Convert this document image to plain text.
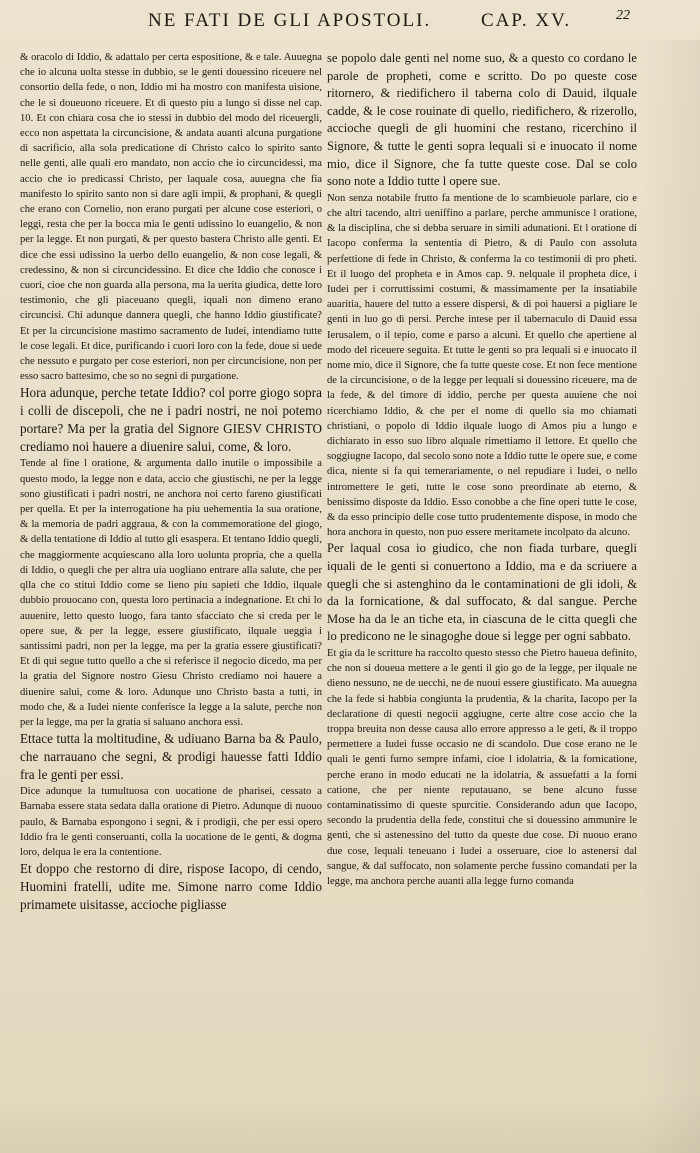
NE FATI DE GLI APOSTOLI.	CAP. XV.	22

& oracolo di Iddio, & adattalo per certa espositione, & e tale. Auuegna che io alcuna uolta stesse in dubbio, se le genti douessino riceuere nel consortio della fede, o non, Iddio mi ha mostro con manifesta uisione, che le si doueuono riceuere. Et di questo piu a lungo si disse nel cap. 10. Et con chiara cosa che io stessi in dubbio del modo del riceuergli, ecco non aspettata la circuncisione, & andata auanti alcuna purgatione di sacrificio, alla sola predicatione di Christo calco lo spirito santo nelle genti, alle quali ero mandato, non accio che io circuncidessi, ma accio che io predicassi Christo, per laquale cosa, auuegna che fia manifesto lo spirito santo non si dare agli impii, & prophani, & quegli che erano con Cornelio, non erano purgati per alcune cose esteriori, o leggi, resta che per la bocca mia le genti udissino lo euangelio, & non per la legge. Et non purgati, & per questo bastera Christo alle genti. Et dice che essi udissino la uerbo dello euangelio, & non cose legali, & credessino, & non si circuncidessino. Et dice che Iddio che conosce i cuori, cioe che non guarda alla persona, ma la uerita giudica, dette loro testimonio, che gli piaceuano quegli, iquali non dimeno erano circuncisi. Chi adunque dannera quegli, che hanno Iddio giustificate? Et per la circuncisione mastimo sacramento de Iudei, intendiamo tutte le cose legali. Et dice, purificando i cuori loro con la fede, doue si uede che nessuto e purgato per cose esteriori, non per circuncisione, non per esso sacro battesimo, che so no segni di purgatione.

Hora adunque, perche tetate Iddio? col porre giogo sopra i colli de discepoli, che ne i padri nostri, ne noi potemo portare? Ma per la gratia del Signore GIESV CHRISTO crediamo noi hauere a diuenire salui, come, & loro.

Tende al fine l oratione, & argumenta dallo inutile o impossibile a questo modo, la legge non e data, accio che giustischi, ne per la legge sono giustificati i padri nostri, ne anchora noi certo fareno giustificati per quella. Et per la interrogatione ha piu uehementia la sua oratione, & la memoria de padri aggraua, & con la commemoratione del giogo, & della tentatione di Iddio al tutto gli esaspera. Et tentano Iddio quegli, che maggiormente acquiescano alla loro uolunta propria, che a quella di Iddio, o quegli che per altra uia uogliano entrare alla salute, che per qlla che co stitui Iddio come se lieno piu sapieti che Iddio, ilquale dubbio prouocano con, questa loro pertinacia a indegnatione. Et chi lo auuenire, letto questo luogo, fara tanto sfacciato che si creda per le opere sue, & per la legge, essere giustificato, ilquale ueggia i santissimi padri, non per la legge, ma per la gratia essere giustificati? Et di qui segue tutto quello a che si referisce il negocio dicedo, ma per la gratia del Signore nostro Giesu Christo crediamo noi hauere a diuenire salui, come & loro. Adunque uno Christo basta a tutti, in modo che, & a Iudei niente conferisce la legge a la salute, perche non per la legge, ma per la gratia si saluano anchora essi.

Ettace tutta la moltitudine, & udiuano Barna ba & Paulo, che narrauano che segni, & prodigi hauesse fatti Iddio fra le genti per essi.

Dice adunque la tumultuosa con uocatione de pharisei, cessato a Barnaba essere stata sedata dalla oratione di Pietro. Adunque di nuouo paulo, & Barnaba espongono i segni, & i prodigii, che per essi opero Iddio fra le genti conseruanti, colla la uocatione de le genti, & dogma loro, delqua le era la contentione.

Et doppo che restorno di dire, rispose Iacopo, di cendo, Huomini fratelli, udite me. Simone narro come Iddio primamete uisitasse, accioche pigliasse

se popolo dale genti nel nome suo, & a questo co cordano le parole de propheti, come e scritto. Do po queste cose ritornero, & riedifichero il taberna colo di Dauid, ilquale cadde, & le cose rouinate di quello, riedifichero, & rizerollo, accioche quegli de gli huomini che restano, ricerchino il Signore, & tutte le genti sopra lequali si e inuocato il nome mio, dice il Signore, che fa tutte queste cose. Dal se colo sono note a Iddio tutte l opere sue.

Non senza notabile frutto fa mentione de lo scambieuole parlare, cio e che altri tacendo, altri ueniffino a parlare, perche ammunisce l oratione, & la disciplina, che si debba seruare in simili adunationi. Et l oratione di Iacopo conferma la sententia di Pietro, & di Paulo con assoluta perfettione di fede in Christo, & conferma la co testimonii di pro pheti. Et il luogo del propheta e in Amos cap. 9. nelquale il propheta dice, i Iudei per i corruttissimi costumi, & massimamente per la insatiabile auaritia, hauere del tutto a essere dispersi, & di poi hauersi a pigliare le genti in luo go di persi. Perche intese per il tabernaculo di Dauid essa Ierusalem, o il tepio, come e parso a alcuni. Et quello che apertiene al modo del riceuere seguita. Et tutte le genti so pra lequali si e inuocato il nome mio, dice il Signore, che fa tutte queste cose. Et non fece mentione de la circuncisione, o de la legge per lequali si douessino riceuere, ma de la fede, & del timore di iddio, perche per questa auuiene che noi ricerchiamo Iddio, & che per el nome di quello sia mo chiamati christiani, o popolo di Iddio ilquale luogo di Amos piu a lungo e dichiarato in esso suo libro alquale rimettiamo il lettore. Et quello che soggiugne Iacopo, dal secolo sono note a Iddio tutte le opere sue, e come dica, niente si fa qui temerariamente, o nel repudiare i Iudei, o nello intromettere le geti, tutte le cose sono preordinate ab eterno, & benissimo disposte da Iddio. Esso conobbe a che fine operi tutte le cose, & da esso principio delle cose tutto prudentemente dispose, in modo che hora anchora in questo, non puo essere meritamete incolpato da alcuno.

Per laqual cosa io giudico, che non fiada turbare, quegli iquali de le genti si conuertono a Iddio, ma e da scriuere a quegli che si astenghino da le contaminationi de gli idoli, & da la fornicatione, & dal suffocato, & dal sangue. Perche Mose ha da le an tiche eta, in ciascuna de le citta quegli che lo predicono ne le sinagoghe doue si legge per ogni sabbato.

Et gia da le scritture ha raccolto questo stesso che Pietro haueua definito, che non si doueua mettere a le genti il gio go de la legge, per ilquale ne dieno nessuno, ne de uecchi, ne de nuoui essere giustificato. Ma auuegna che la fede si habbia congiunta la prudentia, & la charita, Iacopo per la declaratione di questi negocii aggiugne, certe altre cose accio che la troppa breuita non desse causa allo errore appresso a le geti, & il troppo permettere a Iudei fusse occasio ne di scandolo. Due cose erano ne le quali le genti furno sempre infami, cioe l idolatria, & la fornicatione, perche erano in modo educati ne la idolatria, & assuefatti a la forni catione, che per niente reputauano, se bene alcuno fusse contaminatissimo di queste spurcitie. Considerando adun que Iacopo, secondo la prudentia della fede, constitui che si douessino ammunire le genti, che si astenessino del tutto da queste due cose. Di nuouo erano due cose, lequali teneuano i Iudei a osseruare, cioe lo astenersi dal sangue, & dal suffocato, non solamente perche fussino comandati per la legge, ma anchora perche auanti alla legge furno comanda
